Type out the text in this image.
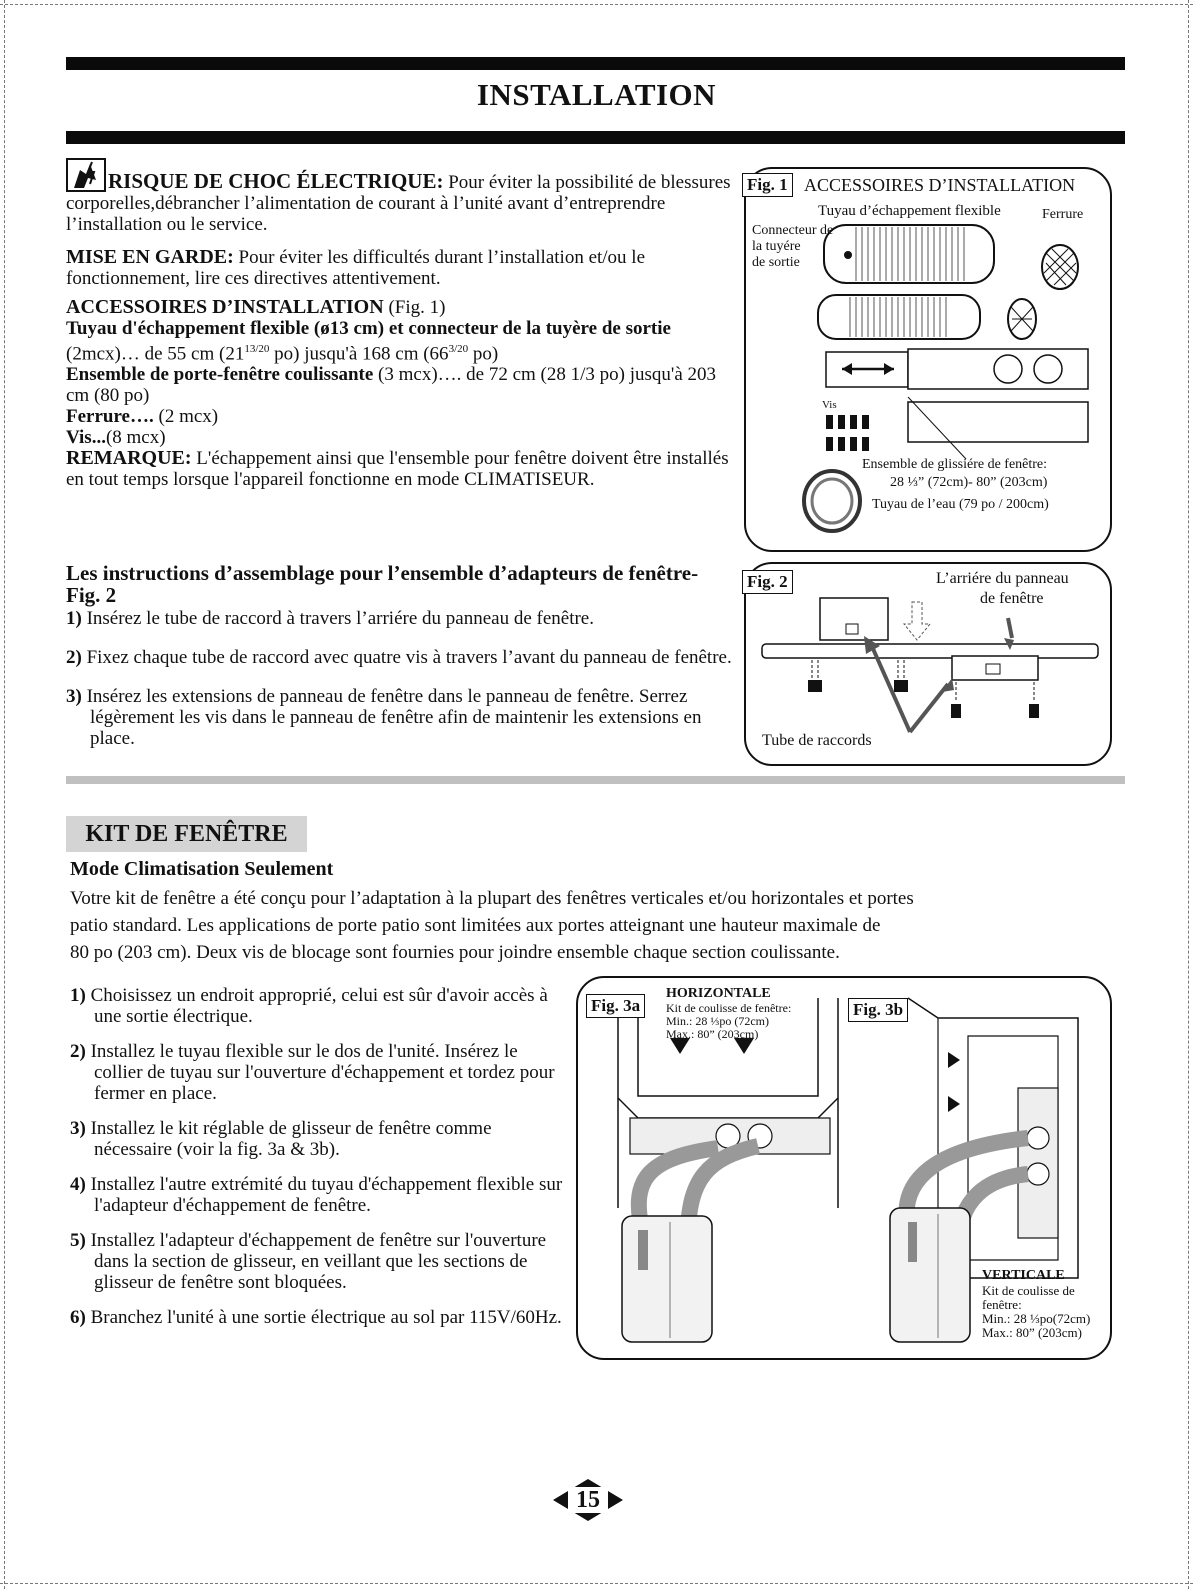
INSTALLATION

RISQUE DE CHOC ÉLECTRIQUE: Pour éviter la possibilité de blessures corporelles,débrancher l’alimentation de courant à l’unité avant d’entreprendre l’installation ou le service.

MISE EN GARDE: Pour éviter les difficultés durant l’installation et/ou le fonctionnement, lire ces directives attentivement.

ACCESSOIRES D’INSTALLATION (Fig. 1)

Tuyau d'échappement flexible (ø13 cm) et connecteur de la tuyère de sortie (2mcx)… de 55 cm ($21^{13/20}$ po) jusqu'à 168 cm ($66^{3/20}$ po)

Ensemble de porte-fenêtre coulissante (3 mcx)…. de 72 cm (28 1/3 po) jusqu'à 203 cm (80 po)

Ferrure…. (2 mcx)

Vis...(8 mcx)

REMARQUE: L'échappement ainsi que l'ensemble pour fenêtre doivent être installés en tout temps lorsque l'appareil fonctionne en mode CLIMATISEUR.

Les instructions d’assemblage pour l’ensemble d’adapteurs de fenêtre- Fig. 2

1) Insérez le tube de raccord à travers l’arriére du panneau de fenêtre.

2) Fixez chaque tube de raccord avec quatre vis à travers l’avant du panneau de fenêtre.

3) Insérez les extensions de panneau de fenêtre dans le panneau de fenêtre. Serrez légèrement les vis dans le panneau de fenêtre afin de maintenir les extensions en place.

Fig. 1 ACCESSOIRES D’INSTALLATION
Tuyau d’échappement flexible	Ferrure
Connecteur de
la tuyére
de sortie
Vis
Ensemble de glissiére de fenêtre:
28 ⅓” (72cm)- 80” (203cm)
Tuyau de l’eau (79 po / 200cm)
Fig. 2	L’arriére du panneau
de fenêtre
Tube de raccords
KIT DE FENÊTRE
Mode Climatisation Seulement
Votre kit de fenêtre a été conçu pour l’adaptation à la plupart des fenêtres verticales et/ou horizontales et portes
patio standard. Les applications de porte patio sont limitées aux portes atteignant une hauteur maximale de
80 po (203 cm). Deux vis de blocage sont fournies pour joindre ensemble chaque section coulissante.

1) Choisissez un endroit approprié, celui est sûr d'avoir accès à une sortie électrique.

2) Installez le tuyau flexible sur le dos de l'unité. Insérez le collier de tuyau sur l'ouverture d'échappement et tordez pour fermer en place.

3) Installez le kit réglable de glisseur de fenêtre comme nécessaire (voir la fig. 3a & 3b).

4) Installez l'autre extrémité du tuyau d'échappement flexible sur l'adapteur d'échappement de fenêtre.

5) Installez l'adapteur d'échappement de fenêtre sur l'ouverture dans la section de glisseur, en veillant que les sections de glisseur de fenêtre sont bloquées.

6) Branchez l'unité à une sortie électrique au sol par 115V/60Hz.

Fig. 3a	Fig. 3b
HORIZONTALE
Kit de coulisse de fenêtre:
Min.: 28 ⅓po (72cm)
Max.: 80” (203cm)
VERTICALE
Kit de coulisse de
fenêtre:
Min.: 28 ⅓po(72cm)
Max.: 80” (203cm)
15
